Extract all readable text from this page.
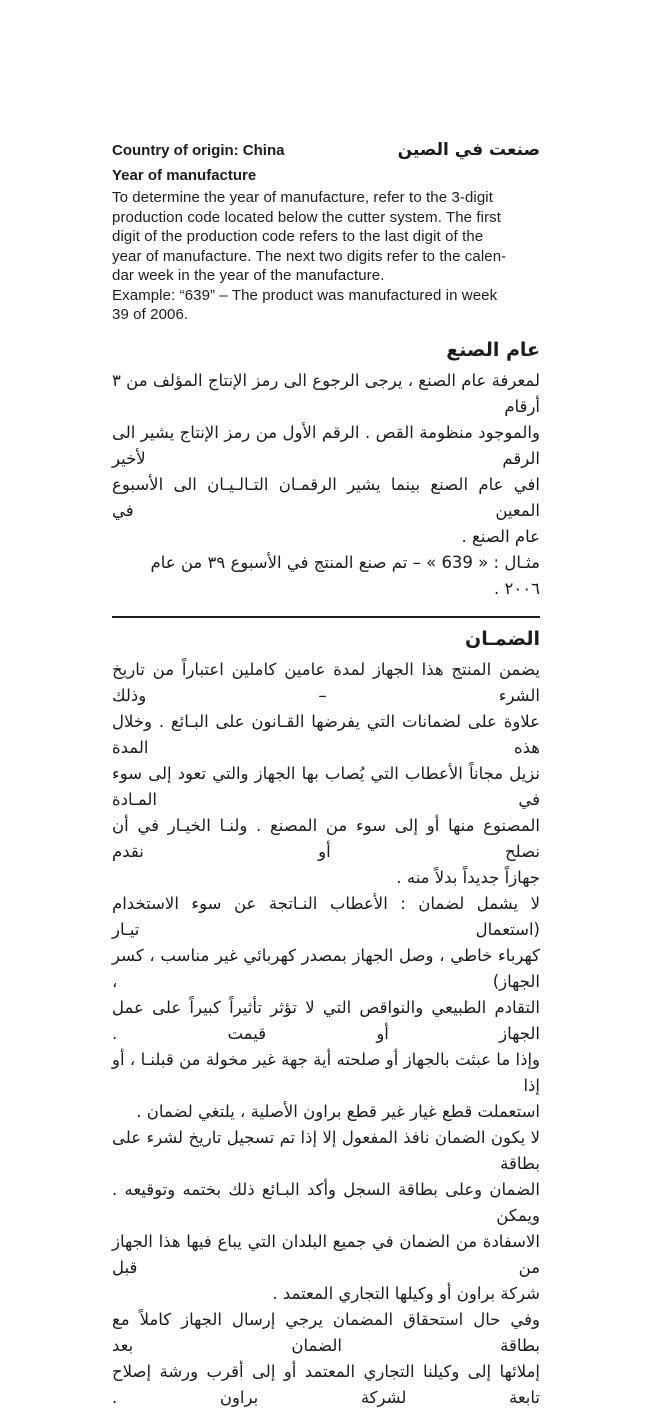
Country of origin: China	صنعت في الصين
Year of manufacture
To determine the year of manufacture, refer to the 3-digit
production code located below the cutter system. The first
digit of the production code refers to the last digit of the
year of manufacture. The next two digits refer to the calen-
dar week in the year of the manufacture.
Example: “639” – The product was manufactured in week
39 of 2006.
عام الصنع
لمعرفة عام الصنع ، يرجى الرجوع الى رمز الإنتاج المؤلف من ٣ أرقام
والموجود منظومة القص . الرقم الأول من رمز الإنتاج يشير الى الرقم لأخير
افي عام الصنع بينما يشير الرقمـان التـالـيـان الى الأسبوع المعين في
عام الصنع .
مثـال : « 639 » – تم صنع المنتج في الأسبوع ٣٩ من عام ٢٠٠٦ .
الضمـان
يضمن المنتج هذا الجهاز لمدة عامين كاملين اعتباراً من تاريخ الشرء – وذلك
علاوة على لضمانات التي يفرضها القـانون على البـائع . وخلال هذه المدة
نزيل مجاناً الأعطاب التي يُصاب بها الجهاز والتي تعود إلى سوء في المـادة
المصنوع منها أو إلى سوء من المصنع . ولنـا الخيـار في أن نصلح أو نقدم
جهازاً جديداً بدلاً منه .
لا يشمل لضمان : الأعطاب النـاتجة عن سوء الاستخدام (استعمال تيـار
كهرباء خاطي ، وصل الجهاز بمصدر كهربائي غير مناسب ، كسر الجهاز) ،
التقادم الطبيعي والنواقص التي لا تؤثر تأثيراً كبيراً على عمل الجهاز أو قيمت .
وإذا ما عبثت بالجهاز أو صلحته أية جهة غير مخولة من قبلنـا ، أو إذا
استعملت قطع غيار غير قطع براون الأصلية ، يلتغي لضمان .
لا يكون الضمان نافذ المفعول إلا إذا تم تسجيل تاريخ لشرء على بطاقة
الضمان وعلى بطاقة السجل وأكد البـائع ذلك بختمه وتوقيعه . ويمكن
الاسفادة من الضمان في جميع البلدان التي يباع فيها هذا الجهاز من قبل
شركة براون أو وكيلها التجاري المعتمد .
وفي حال استحقاق المضمان يرجي إرسال الجهاز كاملاً مع بطاقة الضمان بعد
إملائها إلى وكيلنا التجاري المعتمد أو إلى أقرب ورشة إصلاح تابعة لشركة براون .
